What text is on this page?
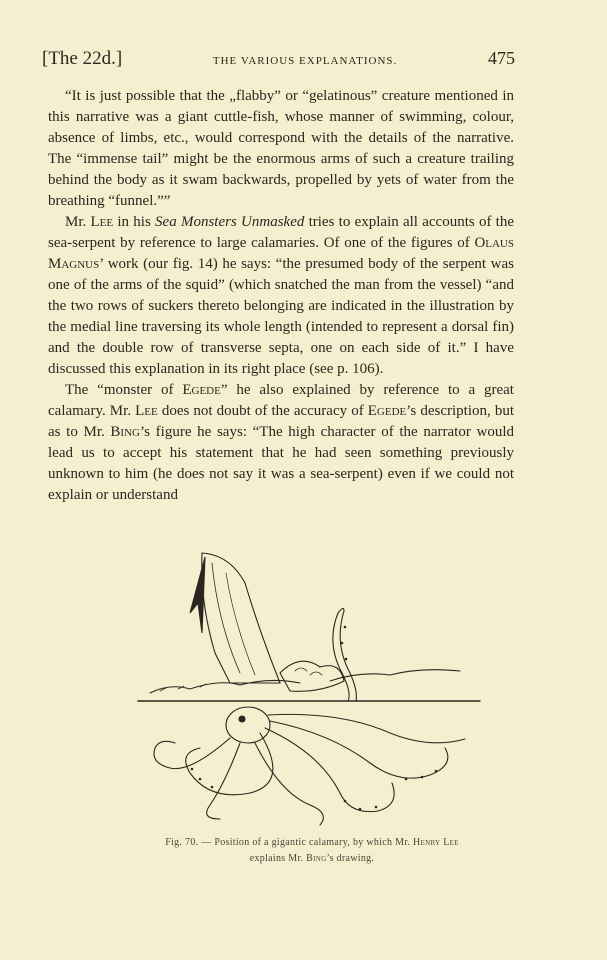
[The 22d.]	THE VARIOUS EXPLANATIONS.	475

“It is just possible that the „flabby” or “gelatinous” creature mentioned in this narrative was a giant cuttle-fish, whose manner of swimming, colour, absence of limbs, etc., would correspond with the details of the narrative. The “immense tail” might be the enormous arms of such a creature trailing behind the body as it swam backwards, propelled by yets of water from the breathing “funnel.””

Mr. Lee in his Sea Monsters Unmasked tries to explain all accounts of the sea-serpent by reference to large calamaries. Of one of the figures of Olaus Magnus’ work (our fig. 14) he says: “the presumed body of the serpent was one of the arms of the squid” (which snatched the man from the vessel) “and the two rows of suckers thereto belonging are indicated in the illustration by the medial line traversing its whole length (intended to represent a dorsal fin) and the double row of transverse septa, one on each side of it.” I have discussed this explanation in its right place (see p. 106).

The “monster of Egede” he also explained by reference to a great calamary. Mr. Lee does not doubt of the accuracy of Egede’s description, but as to Mr. Bing’s figure he says: “The high character of the narrator would lead us to accept his statement that he had seen something previously unknown to him (he does not say it was a sea-serpent) even if we could not explain or understand

Fig. 70. — Position of a gigantic calamary, by which Mr. Henry Lee
explains Mr. Bing’s drawing.
